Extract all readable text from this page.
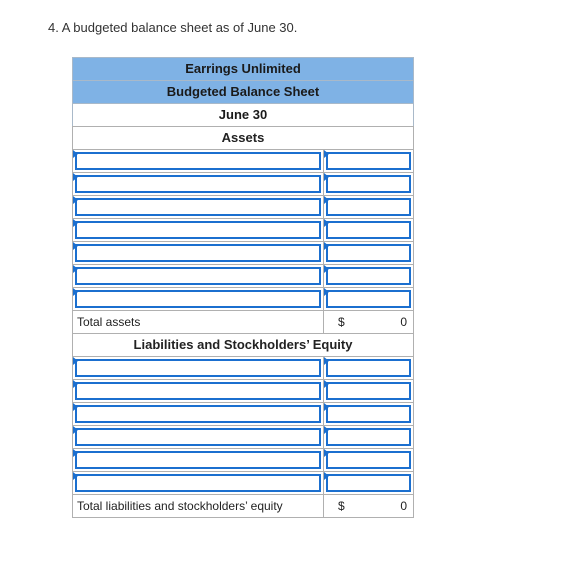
4. A budgeted balance sheet as of June 30.
Earrings Unlimited
Budgeted Balance Sheet
June 30
Assets
Total assets	$	0
Liabilities and Stockholders’ Equity
Total liabilities and stockholders’ equity	$	0
